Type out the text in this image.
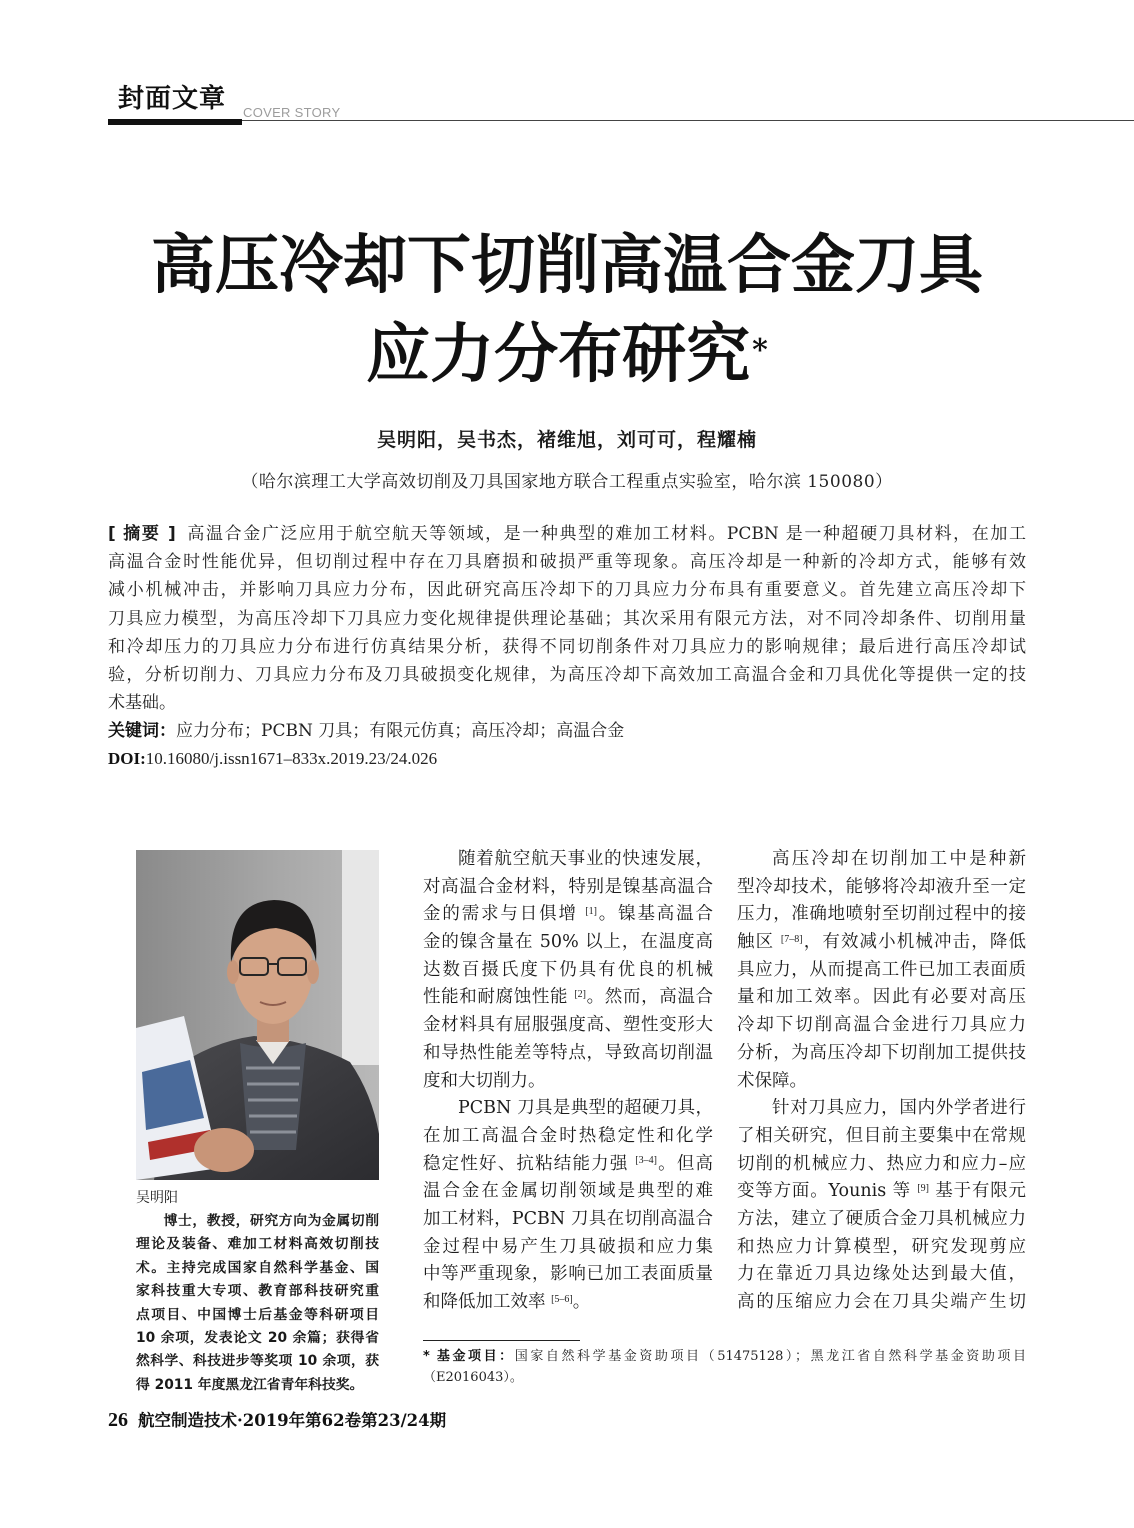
封面文章 COVER STORY
高压冷却下切削高温合金刀具
应力分布研究*
吴明阳，吴书杰，褚维旭，刘可可，程耀楠
（哈尔滨理工大学高效切削及刀具国家地方联合工程重点实验室，哈尔滨 150080）
[ 摘要 ] 高温合金广泛应用于航空航天等领域，是一种典型的难加工材料。PCBN 是一种超硬刀具材料，在加工
高温合金时性能优异，但切削过程中存在刀具磨损和破损严重等现象。高压冷却是一种新的冷却方式，能够有效
减小机械冲击，并影响刀具应力分布，因此研究高压冷却下的刀具应力分布具有重要意义。首先建立高压冷却下
刀具应力模型，为高压冷却下刀具应力变化规律提供理论基础；其次采用有限元方法，对不同冷却条件、切削用量
和冷却压力的刀具应力分布进行仿真结果分析，获得不同切削条件对刀具应力的影响规律；最后进行高压冷却试
验，分析切削力、刀具应力分布及刀具破损变化规律，为高压冷却下高效加工高温合金和刀具优化等提供一定的技
术基础。
关键词：应力分布；PCBN 刀具；有限元仿真；高压冷却；高温合金
DOI:10.16080/j.issn1671–833x.2019.23/24.026
吴明阳
博士，教授，研究方向为金属切削
理论及装备、难加工材料高效切削技
术。主持完成国家自然科学基金、国
家科技重大专项、教育部科技研究重
点项目、中国博士后基金等科研项目
10 余项，发表论文 20 余篇；获得省
然科学、科技进步等奖项 10 余项，获
得 2011 年度黑龙江省青年科技奖。
随着航空航天事业的快速发展，
对高温合金材料，特别是镍基高温合
金的需求与日俱增 [1]。镍基高温合
金的镍含量在 50% 以上，在温度高
达数百摄氏度下仍具有优良的机械
性能和耐腐蚀性能 [2]。然而，高温合
金材料具有屈服强度高、塑性变形大
和导热性能差等特点，导致高切削温
度和大切削力。
PCBN 刀具是典型的超硬刀具，
在加工高温合金时热稳定性和化学
稳定性好、抗粘结能力强 [3–4]。但高
温合金在金属切削领域是典型的难
加工材料，PCBN 刀具在切削高温合
金过程中易产生刀具破损和应力集
中等严重现象，影响已加工表面质量
和降低加工效率 [5–6]。
高压冷却在切削加工中是种新
型冷却技术，能够将冷却液升至一定
压力，准确地喷射至切削过程中的接
触区 [7–8]，有效减小机械冲击，降低
具应力，从而提高工件已加工表面质
量和加工效率。因此有必要对高压
冷却下切削高温合金进行刀具应力
分析，为高压冷却下切削加工提供技
术保障。
针对刀具应力，国内外学者进行
了相关研究，但目前主要集中在常规
切削的机械应力、热应力和应力–应
变等方面。Younis 等 [9] 基于有限元
方法，建立了硬质合金刀具机械应力
和热应力计算模型，研究发现剪应
力在靠近刀具边缘处达到最大值，
高的压缩应力会在刀具尖端产生切
* 基金项目：国家自然科学基金资助项目（51475128）；黑龙江省自然科学基金资助项目
（E2016043）。
26 航空制造技术·2019年第62卷第23/24期
